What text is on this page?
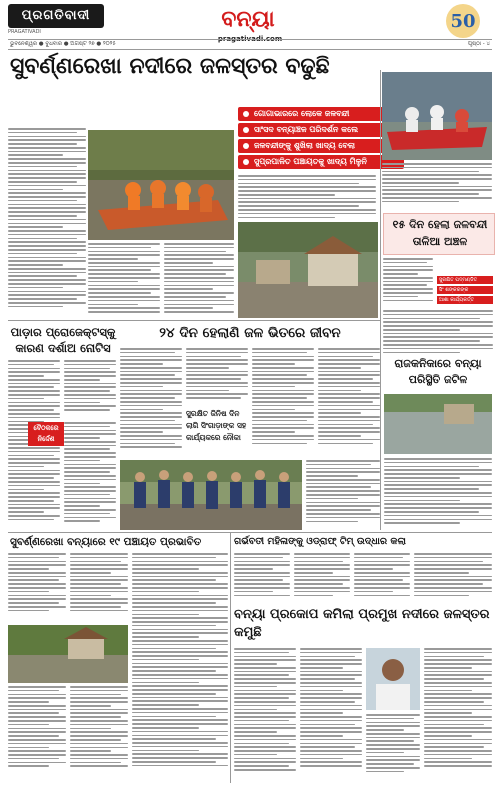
ପ୍ରଗତିବାଦୀ
PRAGATIVADI	ବନ୍ୟା
pragativadi.com
50
ଭୁବନେଶ୍ୱର ● ବୁଧବାର ● ଅଗଷ୍ଟ ୨୭ ● ୨୦୨୫	ପୃଷ୍ଠା - ୪
ସୁବର୍ଣ୍ଣରେଖା ନଦୀରେ ଜଳସ୍ତର ବଢୁଛି
ଗୋଗାଭାରରେ ଲୋକେ ଜଳବନ୍ଦୀ
ସାଂସଦ ବନ୍ୟାଞ୍ଚଳ ପରିଦର୍ଶନ କଲେ
ଜଳବନ୍ଦୀଙ୍କୁ ଶୁଖିଲା ଖାଦ୍ୟ ବେଲା
ସୁପ୍ରପାଳିତ ପଞ୍ଚାୟତକୁ ଖାଦ୍ୟ ମିଳୁନି
୧୫ ଦିନ ହେଲା ଜଳବନ୍ଦୀ ତାଳିଆ ଅଞ୍ଚଳ
ସୁରକ୍ଷିତ ପଦ୍ମଣ୍ଡିତ
ସିଂ ଶଙ୍କରଙ୍କ
ଆଶା କାର୍ଯ୍ୟକର୍ତ୍ତ
ପାଡ଼ାର ପ୍ରୋଜେକ୍ଟସ୍କୁ କାରଣ ଦର୍ଶାଅ ନୋଟିସ
ବୈଠକରେ ନିର୍ଦ୍ଦେଶ
୨୪ ଦିନ ହେଲାଣି ଜଳ ଭିତରେ ଜୀବନ
ସୁରକ୍ଷିତ ଜିନିଷ ଦିନ ଲାଗି ସିଂଗାଡ଼ାଙ୍କ ସହ କାର୍ଯ୍ୟକରେ ନୌକା
ରାଜକନିକାରେ ବନ୍ୟା ପରିସ୍ଥିତି ଜଟିଳ
ସୁବର୍ଣ୍ଣରେଖା ବନ୍ୟାରେ ୧୯ ପଞ୍ଚାୟତ ପ୍ରଭାବିତ	ଗର୍ଭବତୀ ମହିଳାଙ୍କୁ ଓଡ୍ରାଫ୍ ଟିମ୍ ଉଦ୍ଧାର କଲା
ବନ୍ୟା ପ୍ରକୋପ କମିଲା ପ୍ରମୁଖ ନଦୀରେ ଜଳସ୍ତର କମୁଛି
